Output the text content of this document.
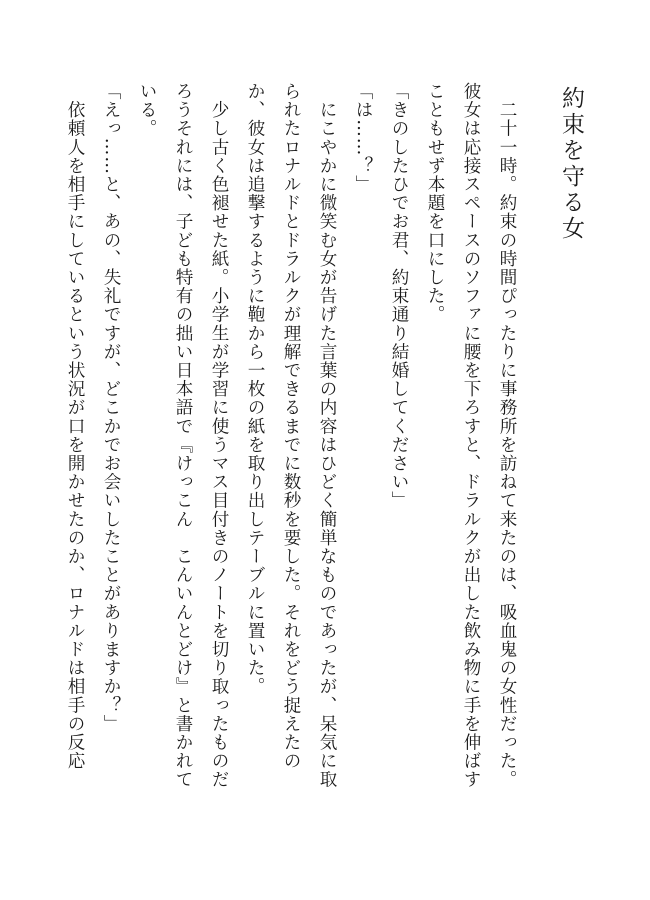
約束を守る女

　二十一時。約束の時間ぴったりに事務所を訪ねて来たのは、吸血鬼の女性だった。彼女は応接スペースのソファに腰を下ろすと、ドラルクが出した飲み物に手を伸ばすこともせず本題を口にした。

「きのしたひでお君、約束通り結婚してください」

「は……？」

　にこやかに微笑む女が告げた言葉の内容はひどく簡単なものであったが、呆気に取られたロナルドとドラルクが理解できるまでに数秒を要した。それをどう捉えたのか、彼女は追撃するように鞄から一枚の紙を取り出しテーブルに置いた。

　少し古く色褪せた紙。小学生が学習に使うマス目付きのノートを切り取ったものだろうそれには、子ども特有の拙い日本語で『けっこん　こんいんとどけ』と書かれている。

「えっ……と、あの、失礼ですが、どこかでお会いしたことがありますか？」

　依頼人を相手にしているという状況が口を開かせたのか、ロナルドは相手の反応
